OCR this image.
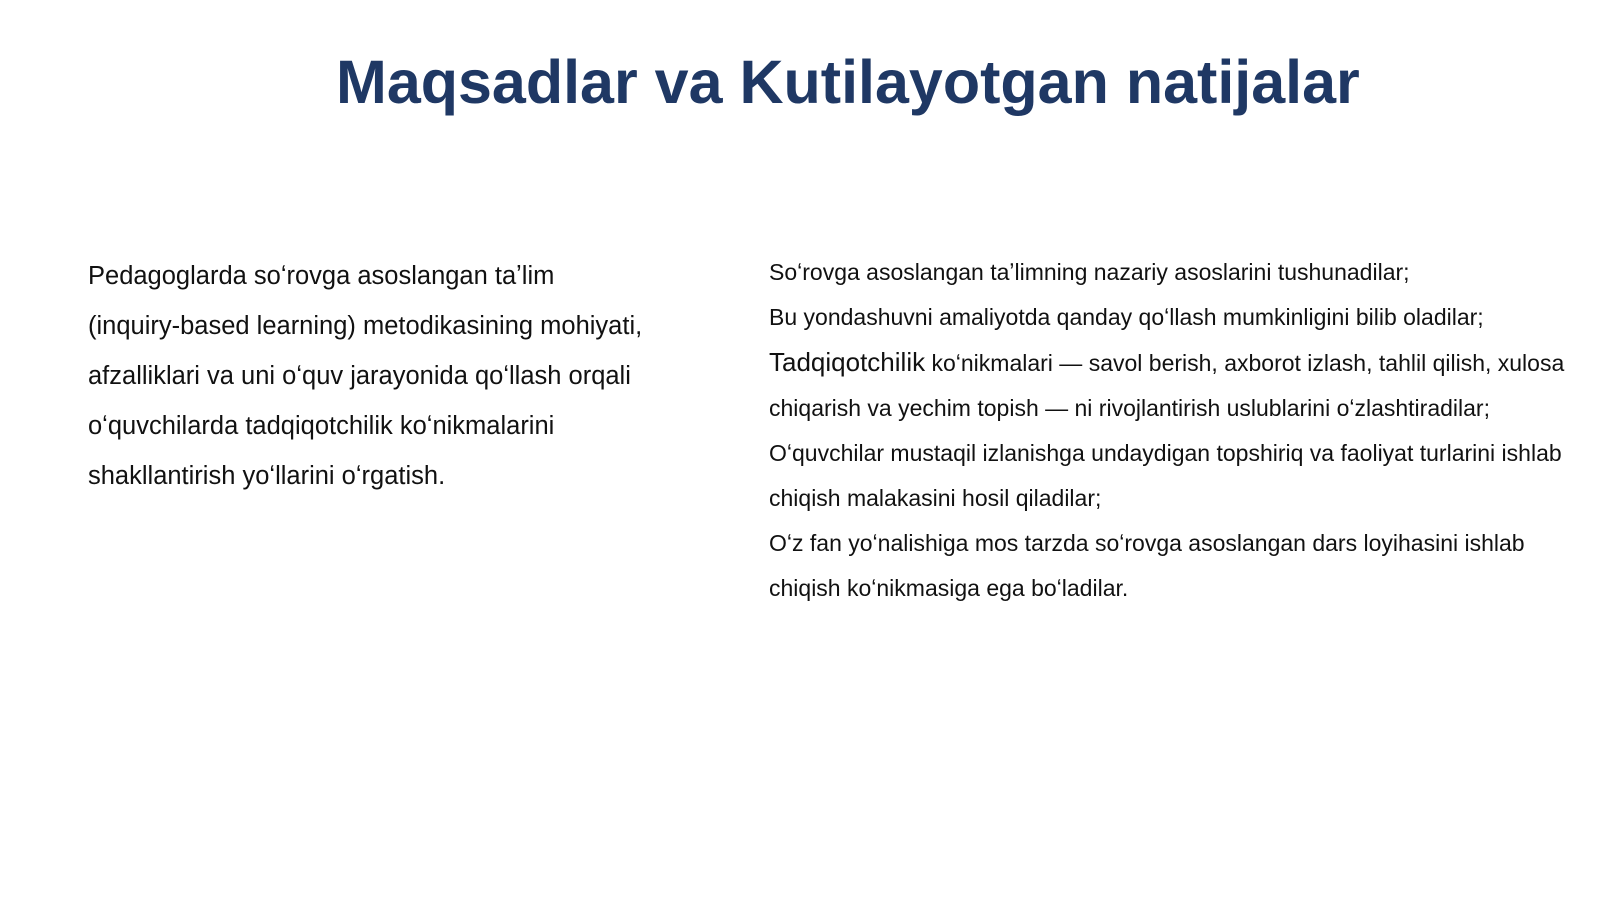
Maqsadlar va Kutilayotgan natijalar

Pedagoglarda soʻrovga asoslangan taʼlim (inquiry-based learning) metodikasining mohiyati, afzalliklari va uni oʻquv jarayonida qoʻllash orqali oʻquvchilarda tadqiqotchilik koʻnikmalarini shakllantirish yoʻllarini oʻrgatish.

Soʻrovga asoslangan taʼlimning nazariy asoslarini tushunadilar;
Bu yondashuvni amaliyotda qanday qoʻllash mumkinligini bilib oladilar;
Tadqiqotchilik koʻnikmalari — savol berish, axborot izlash, tahlil qilish, xulosa chiqarish va yechim topish — ni rivojlantirish uslublarini oʻzlashtiradilar;
Oʻquvchilar mustaqil izlanishga undaydigan topshiriq va faoliyat turlarini ishlab chiqish malakasini hosil qiladilar;
Oʻz fan yoʻnalishiga mos tarzda soʻrovga asoslangan dars loyihasini ishlab chiqish koʻnikmasiga ega boʻladilar.
